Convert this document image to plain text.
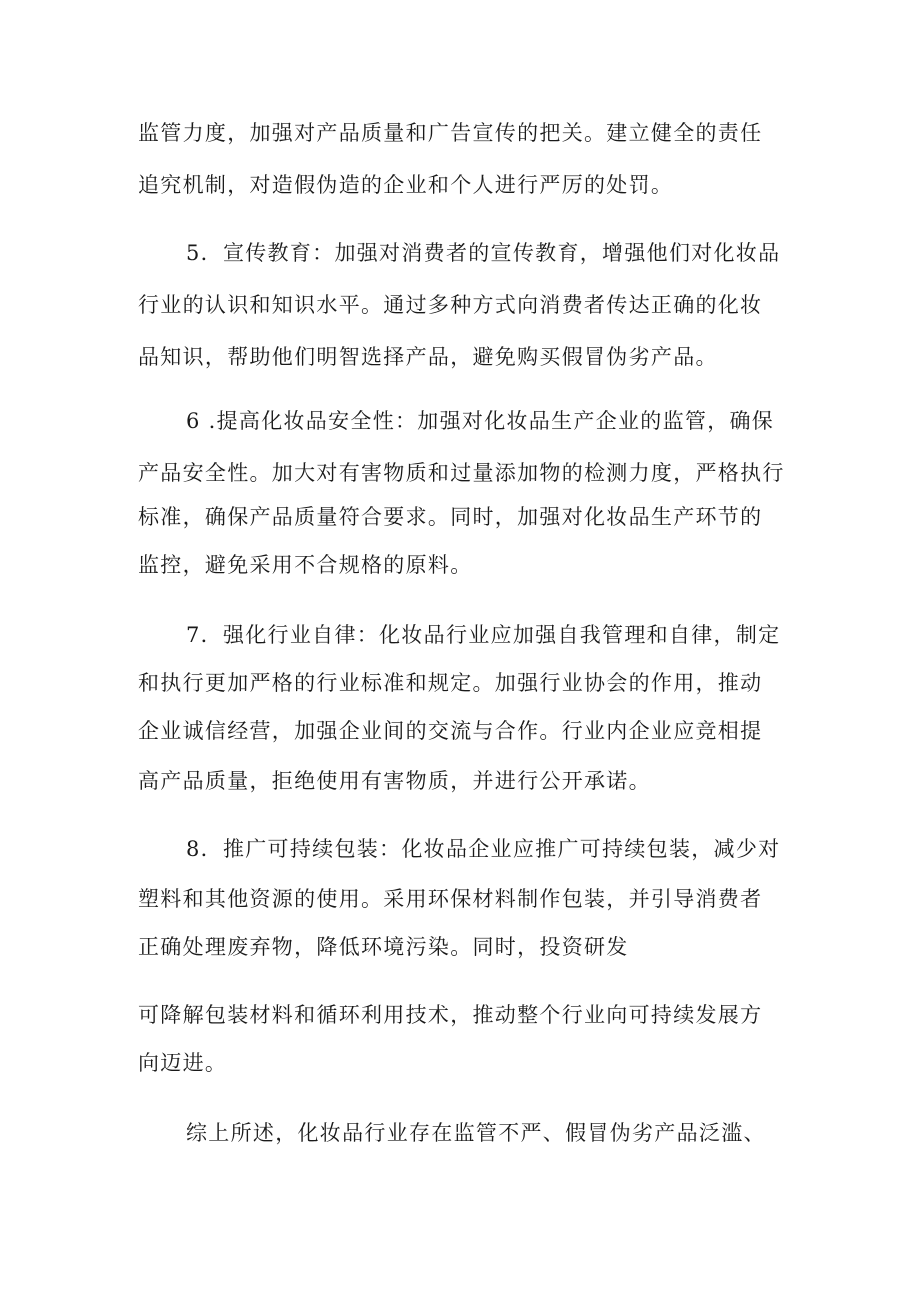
监管力度，加强对产品质量和广告宣传的把关。建立健全的责任
追究机制，对造假伪造的企业和个人进行严厉的处罚。
5．宣传教育：加强对消费者的宣传教育，增强他们对化妆品
行业的认识和知识水平。通过多种方式向消费者传达正确的化妆
品知识，帮助他们明智选择产品，避免购买假冒伪劣产品。
6 .提高化妆品安全性：加强对化妆品生产企业的监管，确保
产品安全性。加大对有害物质和过量添加物的检测力度，严格执行
标准，确保产品质量符合要求。同时，加强对化妆品生产环节的
监控，避免采用不合规格的原料。
7．强化行业自律：化妆品行业应加强自我管理和自律，制定
和执行更加严格的行业标准和规定。加强行业协会的作用，推动
企业诚信经营，加强企业间的交流与合作。行业内企业应竞相提
高产品质量，拒绝使用有害物质，并进行公开承诺。
8．推广可持续包装：化妆品企业应推广可持续包装，减少对
塑料和其他资源的使用。采用环保材料制作包装，并引导消费者
正确处理废弃物，降低环境污染。同时，投资研发
可降解包装材料和循环利用技术，推动整个行业向可持续发展方
向迈进。
综上所述，化妆品行业存在监管不严、假冒伪劣产品泛滥、
